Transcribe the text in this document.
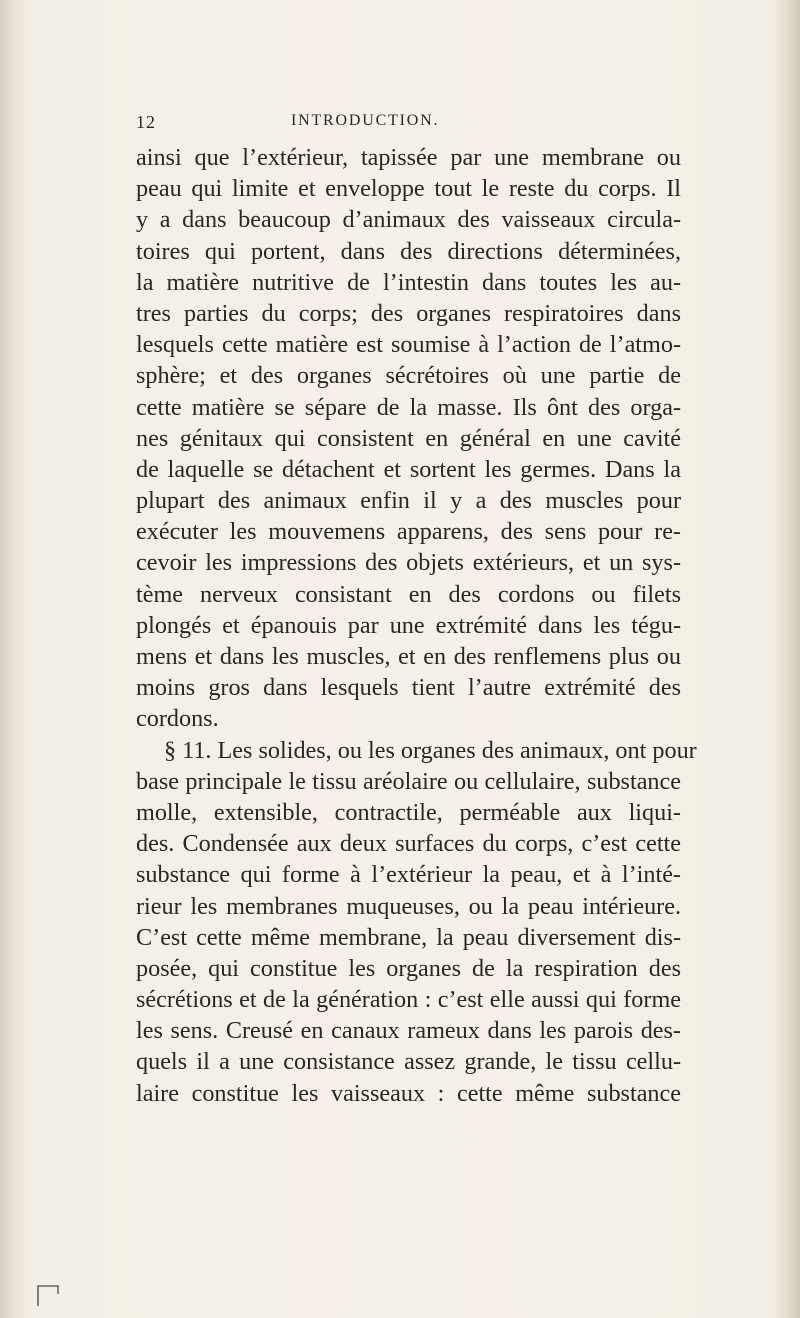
12	INTRODUCTION.
ainsi que l’extérieur, tapissée par une membrane ou
peau qui limite et enveloppe tout le reste du corps. Il
y a dans beaucoup d’animaux des vaisseaux circula-
toires qui portent, dans des directions déterminées,
la matière nutritive de l’intestin dans toutes les au-
tres parties du corps; des organes respiratoires dans
lesquels cette matière est soumise à l’action de l’atmo-
sphère; et des organes sécrétoires où une partie de
cette matière se sépare de la masse. Ils ônt des orga-
nes génitaux qui consistent en général en une cavité
de laquelle se détachent et sortent les germes. Dans la
plupart des animaux enfin il y a des muscles pour
exécuter les mouvemens apparens, des sens pour re-
cevoir les impressions des objets extérieurs, et un sys-
tème nerveux consistant en des cordons ou filets
plongés et épanouis par une extrémité dans les tégu-
mens et dans les muscles, et en des renflemens plus ou
moins gros dans lesquels tient l’autre extrémité des
cordons.
§ 11. Les solides, ou les organes des animaux, ont pour
base principale le tissu aréolaire ou cellulaire, substance
molle, extensible, contractile, perméable aux liqui-
des. Condensée aux deux surfaces du corps, c’est cette
substance qui forme à l’extérieur la peau, et à l’inté-
rieur les membranes muqueuses, ou la peau intérieure.
C’est cette même membrane, la peau diversement dis-
posée, qui constitue les organes de la respiration des
sécrétions et de la génération : c’est elle aussi qui forme
les sens. Creusé en canaux rameux dans les parois des-
quels il a une consistance assez grande, le tissu cellu-
laire constitue les vaisseaux : cette même substance
